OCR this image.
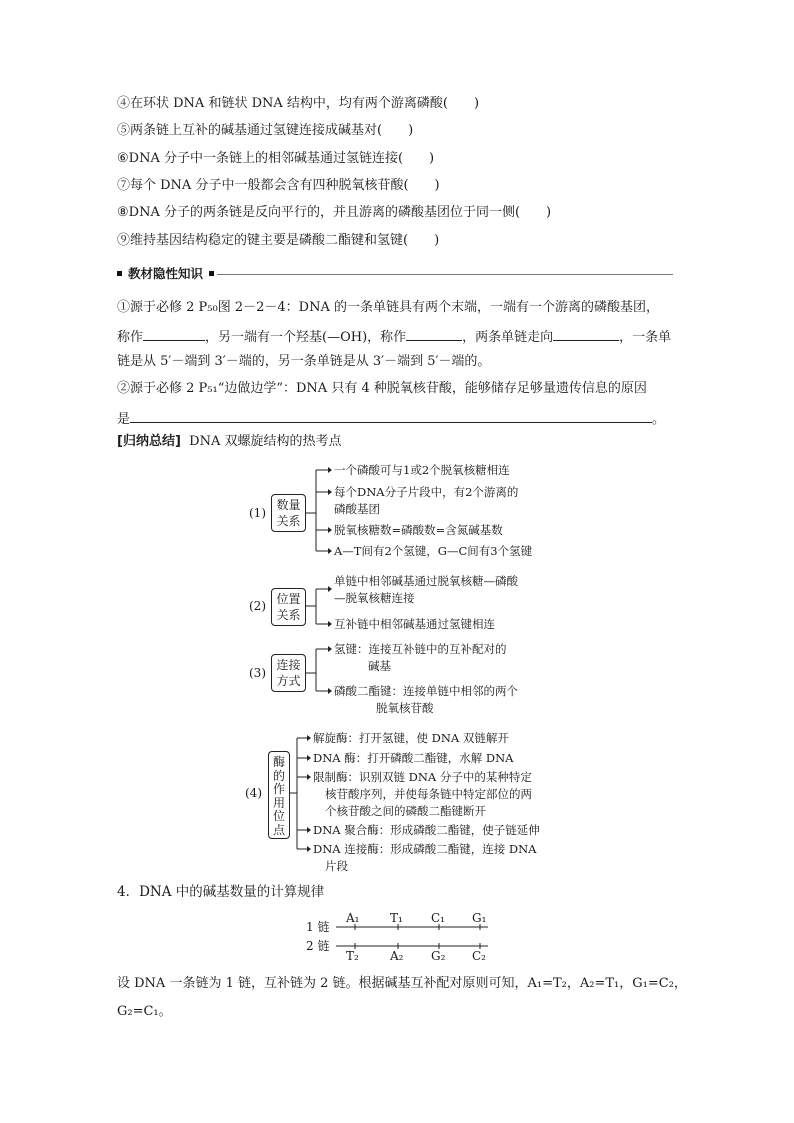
④在环状 DNA 和链状 DNA 结构中，均有两个游离磷酸(　　)
⑤两条链上互补的碱基通过氢键连接成碱基对(　　)
⑥DNA 分子中一条链上的相邻碱基通过氢链连接(　　)
⑦每个 DNA 分子中一般都会含有四种脱氧核苷酸(　　)
⑧DNA 分子的两条链是反向平行的，并且游离的磷酸基团位于同一侧(　　)
⑨维持基因结构稳定的键主要是磷酸二酯键和氢键(　　)
教材隐性知识
①源于必修 2 P₅₀图 2－2－4：DNA 的一条单链具有两个末端，一端有一个游离的磷酸基团，
称作	，另一端有一个羟基(—OH)，称作	，两条单链走向	，一条单
链是从 5′－端到 3′－端的，另一条单链是从 3′－端到 5′－端的。
②源于必修 2 P₅₁“边做边学”：DNA 只有 4 种脱氧核苷酸，能够储存足够量遗传信息的原因
是	。
[归纳总结] DNA 双螺旋结构的热考点
(1)
数量
关系
一个磷酸可与1或2个脱氧核糖相连
每个DNA分子片段中，有2个游离的
磷酸基团
脱氧核糖数=磷酸数=含氮碱基数
A—T间有2个氢键，G—C间有3个氢键
(2) 位置
关系
单链中相邻碱基通过脱氧核糖—磷酸
—脱氧核糖连接
互补链中相邻碱基通过氢键相连
(3)
连接
方式
氢键：连接互补链中的互补配对的
碱基
磷酸二酯键：连接单链中相邻的两个
脱氧核苷酸
(4)
酶
的
作
用
位
点
解旋酶：打开氢键，使 DNA 双链解开
DNA 酶：打开磷酸二酯键，水解 DNA
限制酶：识别双链 DNA 分子中的某种特定
核苷酸序列，并使每条链中特定部位的两
个核苷酸之间的磷酸二酯键断开
DNA 聚合酶：形成磷酸二酯键，使子链延伸
DNA 连接酶：形成磷酸二酯键，连接 DNA
片段
4．DNA 中的碱基数量的计算规律
1 链
2 链
A₁	T₁ C₁ G₁
T₂	A₂ G₂ C₂
设 DNA 一条链为 1 链，互补链为 2 链。根据碱基互补配对原则可知，A₁=T₂，A₂=T₁，G₁=C₂，
G₂=C₁。
